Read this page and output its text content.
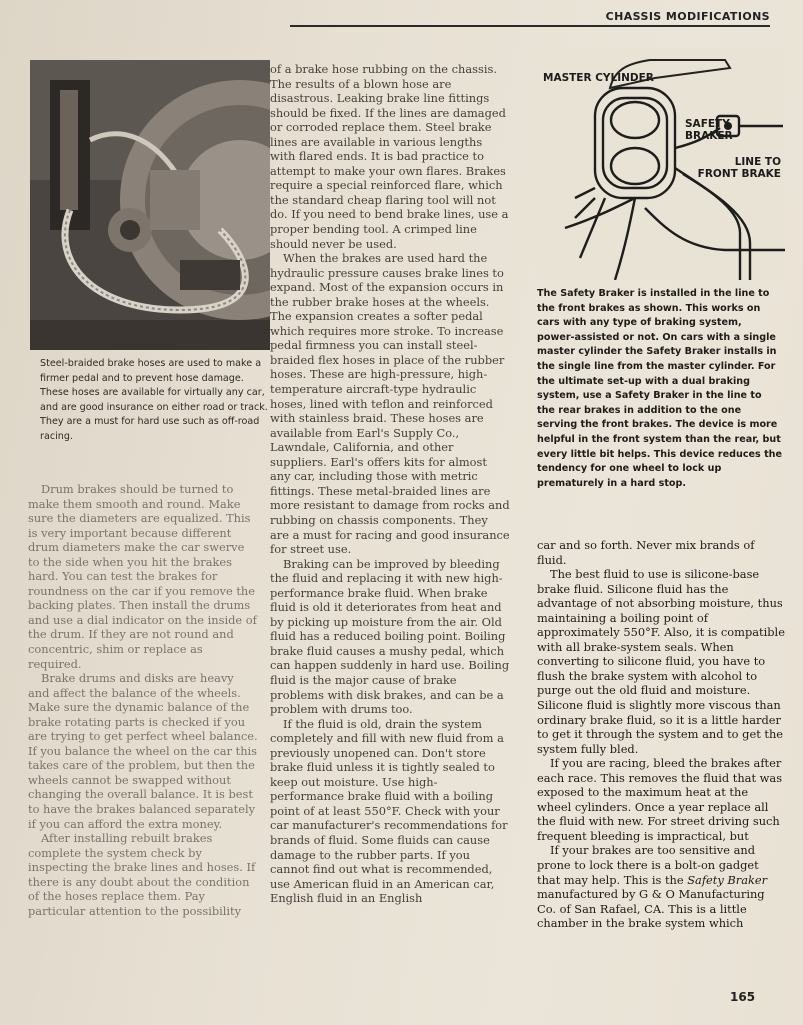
CHASSIS MODIFICATIONS
Steel-braided brake hoses are used to make a firmer pedal and to prevent hose damage. These hoses are available for virtually any car, and are good insurance on either road or track. They are a must for hard use such as off-road racing.
MASTER CYLINDER
SAFETY BRAKER
LINE TO FRONT BRAKE
The Safety Braker is installed in the line to the front brakes as shown. This works on cars with any type of braking system, power-assisted or not. On cars with a single master cylinder the Safety Braker installs in the single line from the master cylinder. For the ultimate set-up with a dual braking system, use a Safety Braker in the line to the rear brakes in addition to the one serving the front brakes. The device is more helpful in the front system than the rear, but every little bit helps. This device reduces the tendency for one wheel to lock up prematurely in a hard stop.

Drum brakes should be turned to make them smooth and round. Make sure the diameters are equalized. This is very important because different drum diameters make the car swerve to the side when you hit the brakes hard. You can test the brakes for roundness on the car if you remove the backing plates. Then install the drums and use a dial indicator on the inside of the drum. If they are not round and concentric, shim or replace as required.

Brake drums and disks are heavy and affect the balance of the wheels. Make sure the dynamic balance of the brake rotating parts is checked if you are trying to get perfect wheel balance. If you balance the wheel on the car this takes care of the problem, but then the wheels cannot be swapped without changing the overall balance. It is best to have the brakes balanced separately if you can afford the extra money.

After installing rebuilt brakes complete the system check by inspecting the brake lines and hoses. If there is any doubt about the condition of the hoses replace them. Pay particular attention to the possibility

of a brake hose rubbing on the chassis. The results of a blown hose are disastrous. Leaking brake line fittings should be fixed. If the lines are damaged or corroded replace them. Steel brake lines are available in various lengths with flared ends. It is bad practice to attempt to make your own flares. Brakes require a special reinforced flare, which the standard cheap flaring tool will not do. If you need to bend brake lines, use a proper bending tool. A crimped line should never be used.

When the brakes are used hard the hydraulic pressure causes brake lines to expand. Most of the expansion occurs in the rubber brake hoses at the wheels. The expansion creates a softer pedal which requires more stroke. To increase pedal firmness you can install steel-braided flex hoses in place of the rubber hoses. These are high-pressure, high-temperature aircraft-type hydraulic hoses, lined with teflon and reinforced with stainless braid. These hoses are available from Earl's Supply Co., Lawndale, California, and other suppliers. Earl's offers kits for almost any car, including those with metric fittings. These metal-braided lines are more resistant to damage from rocks and rubbing on chassis components. They are a must for racing and good insurance for street use.

Braking can be improved by bleeding the fluid and replacing it with new high-performance brake fluid. When brake fluid is old it deteriorates from heat and by picking up moisture from the air. Old fluid has a reduced boiling point. Boiling brake fluid causes a mushy pedal, which can happen suddenly in hard use. Boiling fluid is the major cause of brake problems with disk brakes, and can be a problem with drums too.

If the fluid is old, drain the system completely and fill with new fluid from a previously unopened can. Don't store brake fluid unless it is tightly sealed to keep out moisture. Use high-performance brake fluid with a boiling point of at least 550°F. Check with your car manufacturer's recommendations for brands of fluid. Some fluids can cause damage to the rubber parts. If you cannot find out what is recommended, use American fluid in an American car, English fluid in an English

car and so forth. Never mix brands of fluid.

The best fluid to use is silicone-base brake fluid. Silicone fluid has the advantage of not absorbing moisture, thus maintaining a boiling point of approximately 550°F. Also, it is compatible with all brake-system seals. When converting to silicone fluid, you have to flush the brake system with alcohol to purge out the old fluid and moisture. Silicone fluid is slightly more viscous than ordinary brake fluid, so it is a little harder to get it through the system and to get the system fully bled.

If you are racing, bleed the brakes after each race. This removes the fluid that was exposed to the maximum heat at the wheel cylinders. Once a year replace all the fluid with new. For street driving such frequent bleeding is impractical, but

If your brakes are too sensitive and prone to lock there is a bolt-on gadget that may help. This is the Safety Braker manufactured by G & O Manufacturing Co. of San Rafael, CA. This is a little chamber in the brake system which

165
